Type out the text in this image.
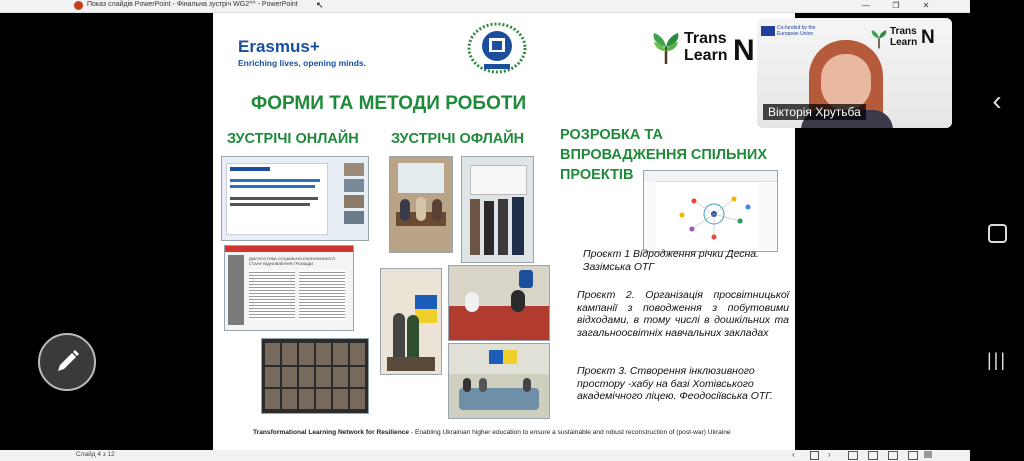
Показ слайдів PowerPoint - Фінальна зустріч WG2^^ - PowerPoint ↖	—	❐	✕
Erasmus+
Enriching lives, opening minds.
Trans
Learn N
ФОРМИ ТА МЕТОДИ РОБОТИ
ЗУСТРІЧІ ОНЛАЙН ЗУСТРІЧІ ОФЛАЙН РОЗРОБКА ТА
ВПРОВАДЖЕННЯ СПІЛЬНИХ
ПРОЕКТІВ
ДІАГНОСТИКА СОЦІАЛЬНО-ЕКОНОМІЧНОГО СТАНУ ВІДНОВЛЕННЯ ГРОМАДИ
Проєкт 1 Відродження річки Десна. Зазімська ОТГ
Проєкт 2. Організація просвітницької кампанії з поводження з побутовими відходами, в тому числі в дошкільних та загальноосвітніх навчальних закладах
Проєкт 3. Створення інклюзивного простору -хабу на базі Хотівського академічного ліцею. Феодосіївська ОТГ.
Transformational Learning Network for Resilience - Enabling Ukrainian higher education to ensure a sustainable and robust reconstruction of (post-war) Ukraine
Co-funded by the European Union	Trans
Learn N
Вікторія Хрутьба
Слайд 4 з 12	‹	›
‹
|||
